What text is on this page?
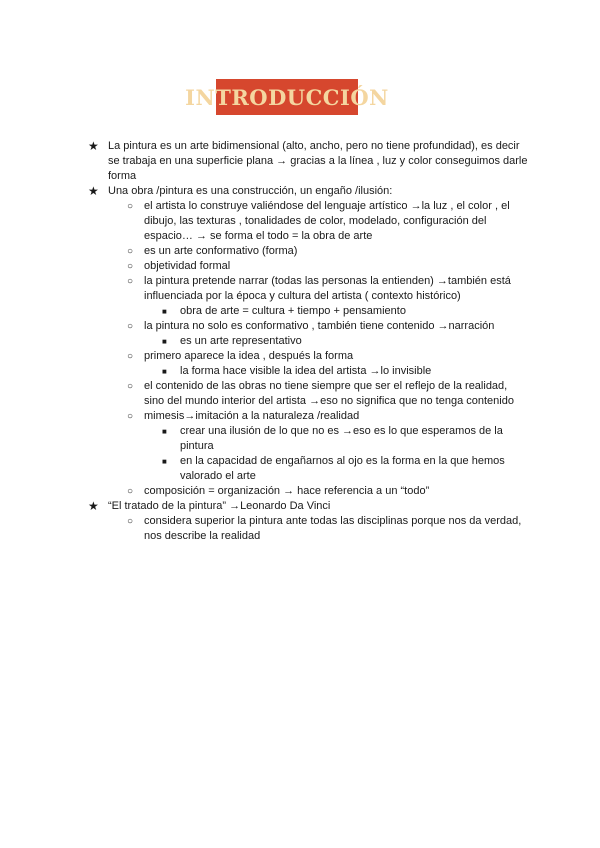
INTRODUCCIÓN
★ La pintura es un arte bidimensional (alto, ancho, pero no tiene profundidad), es decir se trabaja en una superficie plana → gracias a la línea , luz y color conseguimos darle forma
★ Una obra /pintura es una construcción, un engaño /ilusión:
○ el artista lo construye valiéndose del lenguaje artístico →la luz , el color , el dibujo, las texturas , tonalidades de color, modelado, configuración del espacio… → se forma el todo = la obra de arte
○ es un arte conformativo (forma)
○ objetividad formal
○ la pintura pretende narrar (todas las personas la entienden) →también está influenciada por la época y cultura del artista ( contexto histórico)
■ obra de arte = cultura + tiempo + pensamiento
○ la pintura no solo es conformativo , también tiene contenido →narración
■ es un arte representativo
○ primero aparece la idea , después la forma
■ la forma hace visible la idea del artista →lo invisible
○ el contenido de las obras no tiene siempre que ser el reflejo de la realidad, sino del mundo interior del artista →eso no significa que no tenga contenido
○ mimesis→imitación a la naturaleza /realidad
■ crear una ilusión de lo que no es →eso es lo que esperamos de la pintura
■ en la capacidad de engañarnos al ojo es la forma en la que hemos valorado el arte
○ composición = organización → hace referencia a un “todo”
★ “El tratado de la pintura” →Leonardo Da Vinci
○ considera superior la pintura ante todas las disciplinas porque nos da verdad, nos describe la realidad
